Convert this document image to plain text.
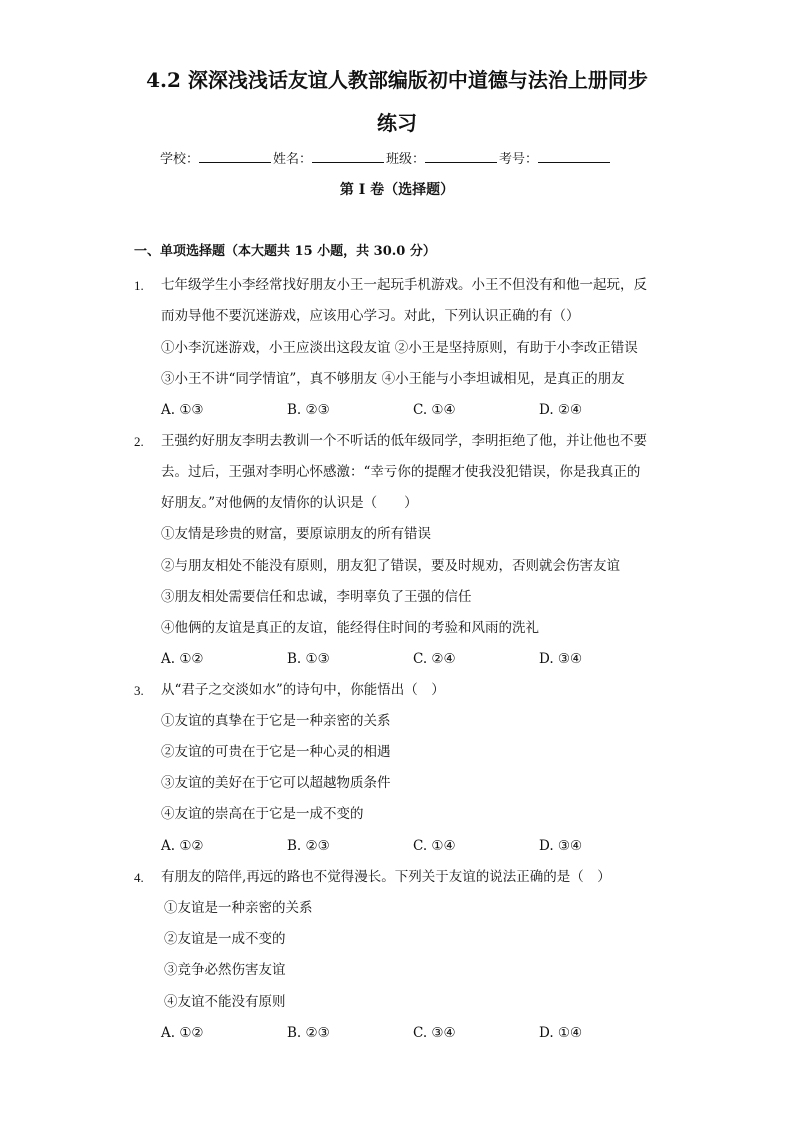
4.2 深深浅浅话友谊人教部编版初中道德与法治上册同步
练习
学校：	姓名：	班级：	考号：
第 I 卷（选择题）
一、单项选择题（本大题共 15 小题，共 30.0 分）
1. 七年级学生小李经常找好朋友小王一起玩手机游戏。小王不但没有和他一起玩，反
而劝导他不要沉迷游戏，应该用心学习。对此，下列认识正确的有（）
①小李沉迷游戏，小王应淡出这段友谊 ②小王是坚持原则，有助于小李改正错误
③小王不讲“同学情谊”，真不够朋友 ④小王能与小李坦诚相见，是真正的朋友
A. ①③	B. ②③	C. ①④	D. ②④
2. 王强约好朋友李明去教训一个不听话的低年级同学，李明拒绝了他，并让他也不要
去。过后，王强对李明心怀感激：“幸亏你的提醒才使我没犯错误，你是我真正的
好朋友。”对他俩的友情你的认识是（　　）
①友情是珍贵的财富，要原谅朋友的所有错误
②与朋友相处不能没有原则，朋友犯了错误，要及时规劝，否则就会伤害友谊
③朋友相处需要信任和忠诚，李明辜负了王强的信任
④他俩的友谊是真正的友谊，能经得住时间的考验和风雨的洗礼
A. ①②	B. ①③	C. ②④	D. ③④
3. 从“君子之交淡如水”的诗句中，你能悟出（　）
①友谊的真挚在于它是一种亲密的关系
②友谊的可贵在于它是一种心灵的相遇
③友谊的美好在于它可以超越物质条件
④友谊的崇高在于它是一成不变的
A. ①②	B. ②③	C. ①④	D. ③④
4. 有朋友的陪伴,再远的路也不觉得漫长。下列关于友谊的说法正确的是（　）
①友谊是一种亲密的关系
②友谊是一成不变的
③竞争必然伤害友谊
④友谊不能没有原则
A. ①②	B. ②③	C. ③④	D. ①④
